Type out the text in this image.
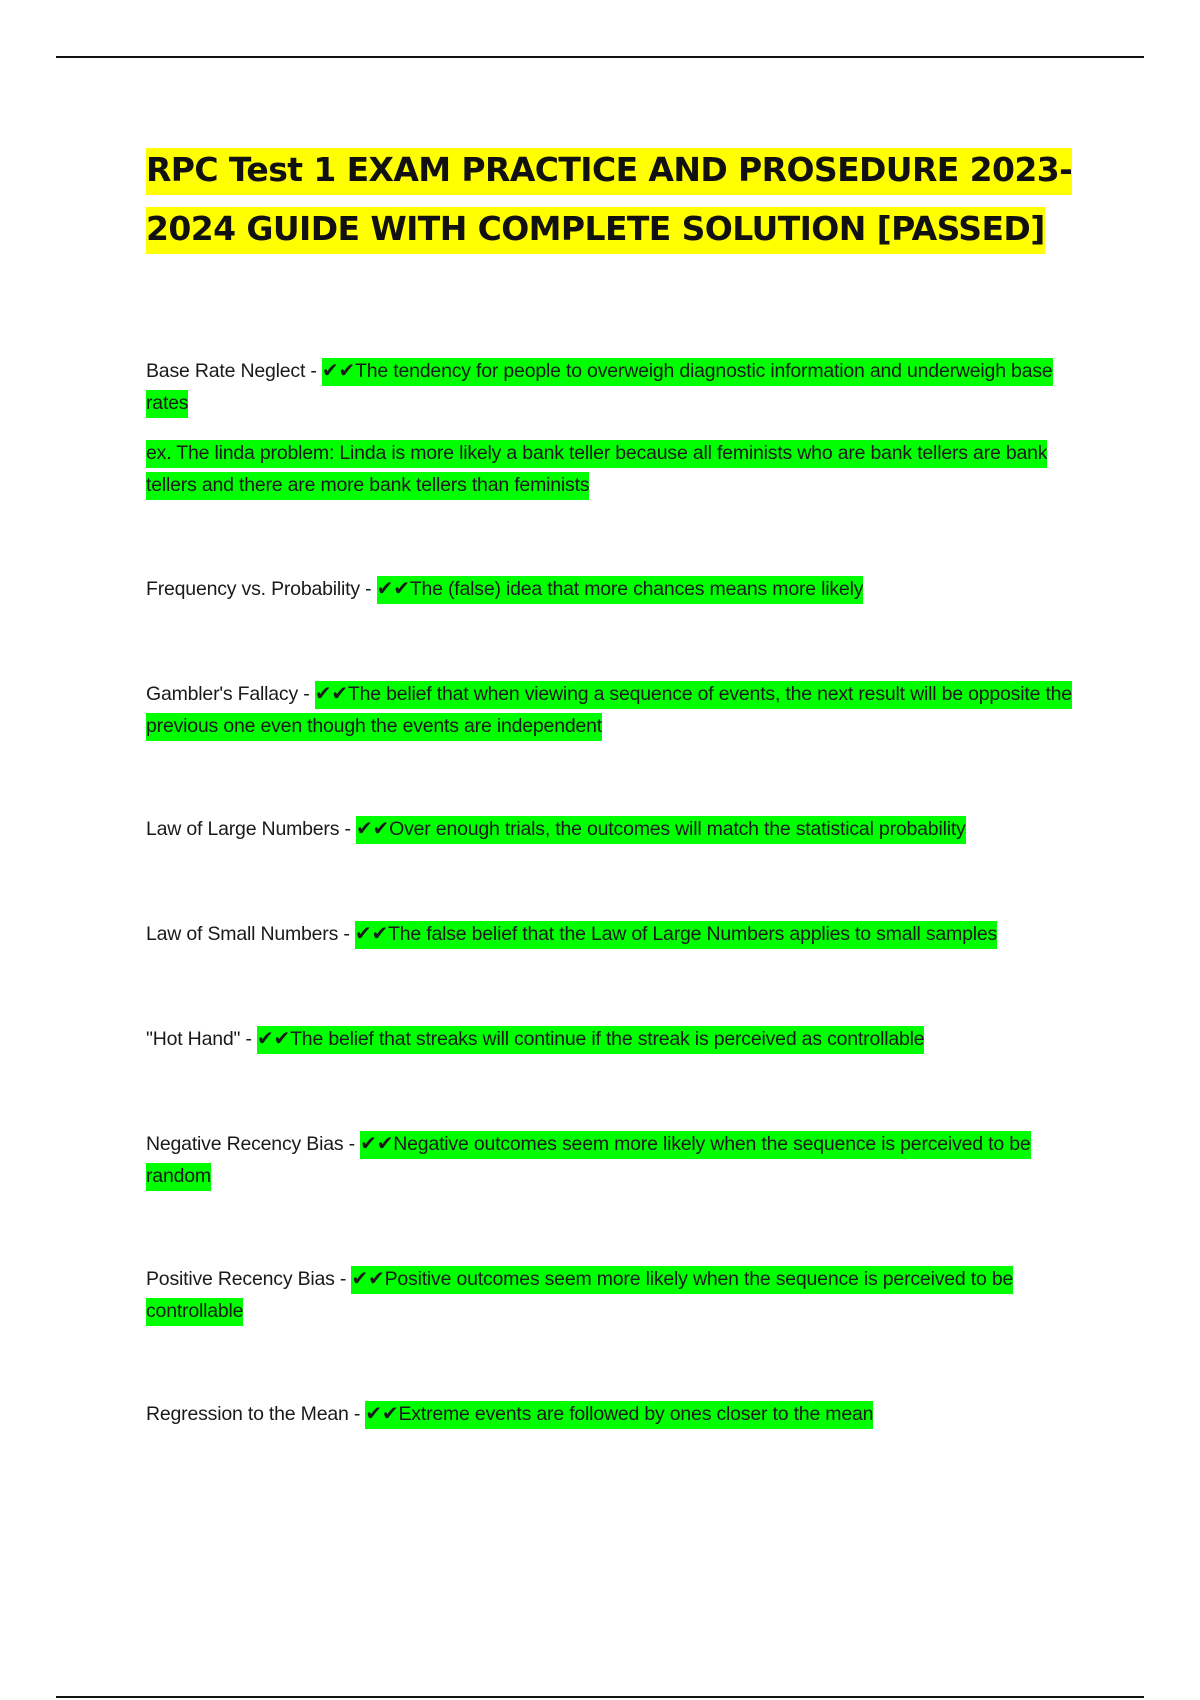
RPC Test 1 EXAM PRACTICE AND PROSEDURE 2023-2024 GUIDE WITH COMPLETE SOLUTION [PASSED]

Base Rate Neglect - ✔✔The tendency for people to overweigh diagnostic information and underweigh base rates

ex. The linda problem: Linda is more likely a bank teller because all feminists who are bank tellers are bank tellers and there are more bank tellers than feminists

Frequency vs. Probability - ✔✔The (false) idea that more chances means more likely

Gambler's Fallacy - ✔✔The belief that when viewing a sequence of events, the next result will be opposite the previous one even though the events are independent

Law of Large Numbers - ✔✔Over enough trials, the outcomes will match the statistical probability

Law of Small Numbers - ✔✔The false belief that the Law of Large Numbers applies to small samples

"Hot Hand" - ✔✔The belief that streaks will continue if the streak is perceived as controllable

Negative Recency Bias - ✔✔Negative outcomes seem more likely when the sequence is perceived to be random

Positive Recency Bias - ✔✔Positive outcomes seem more likely when the sequence is perceived to be controllable

Regression to the Mean - ✔✔Extreme events are followed by ones closer to the mean
